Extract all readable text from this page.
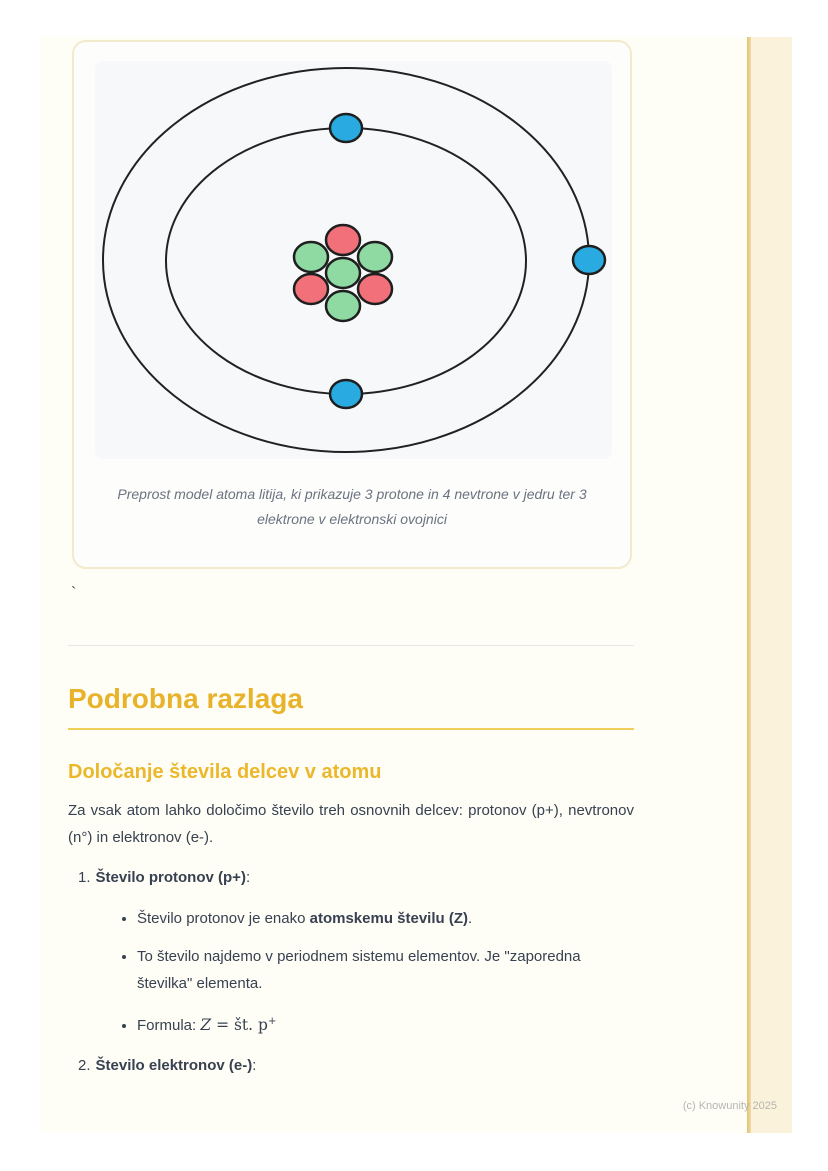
Preprost model atoma litija, ki prikazuje 3 protone in 4 nevtrone v jedru ter 3 elektrone v elektronski ovojnici
`
Podrobna razlaga
Določanje števila delcev v atomu
Za vsak atom lahko določimo število treh osnovnih delcev: protonov (p+), nevtronov (n°) in elektronov (e-).
1. Število protonov (p+):
• Število protonov je enako atomskemu številu (Z).
• To število najdemo v periodnem sistemu elementov. Je "zaporedna številka" elementa.
• Formula: Z = št. p+
2. Število elektronov (e-):
(c) Knowunity 2025
